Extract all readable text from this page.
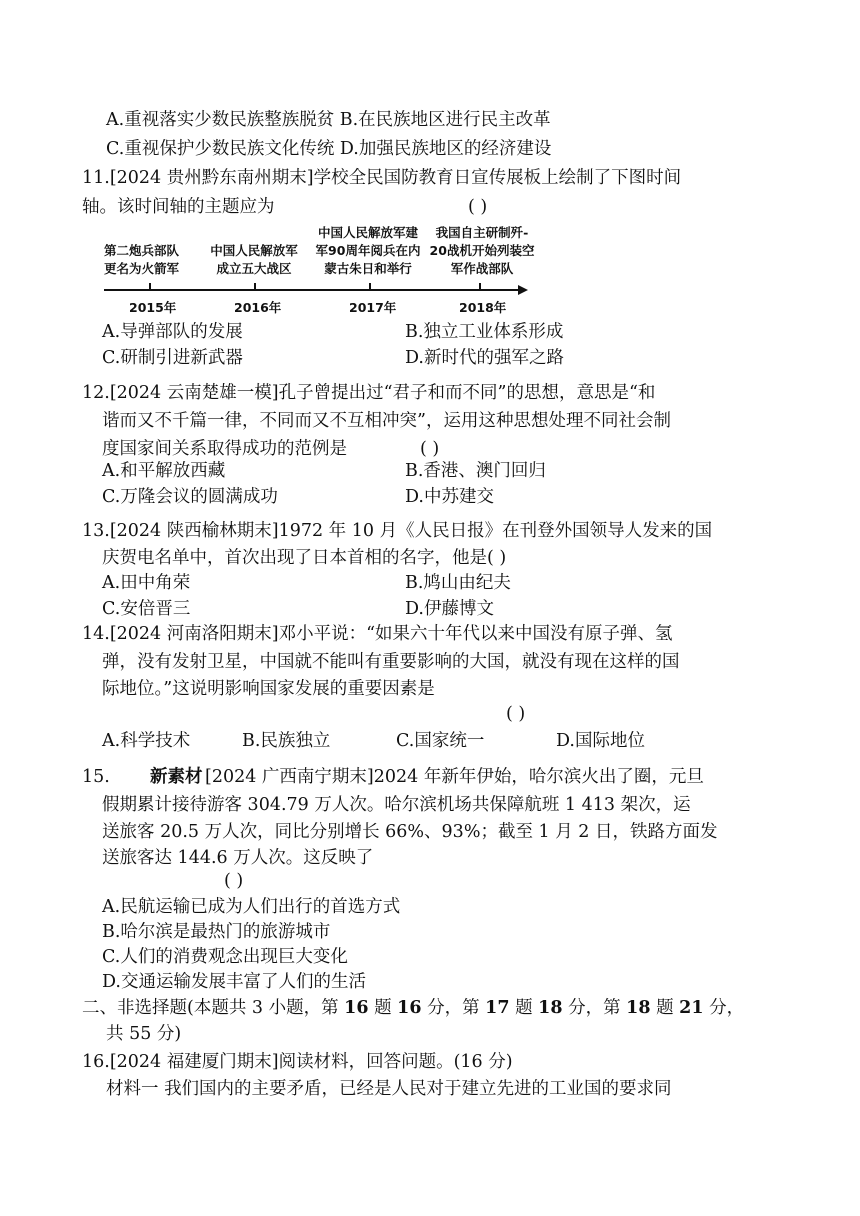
A.重视落实少数民族整族脱贫 B.在民族地区进行民主改革
C.重视保护少数民族文化传统 D.加强民族地区的经济建设
11.[2024 贵州黔东南州期末]学校全民国防教育日宣传展板上绘制了下图时间
轴。该时间轴的主题应为	( )
第二炮兵部队
更名为火箭军
中国人民解放军
成立五大战区
中国人民解放军建
军90周年阅兵在内
蒙古朱日和举行
我国自主研制歼-
20战机开始列装空
军作战部队
2015年	2016年	2017年	2018年
A.导弹部队的发展	B.独立工业体系形成
C.研制引进新武器	D.新时代的强军之路
12.[2024 云南楚雄一模]孔子曾提出过“君子和而不同”的思想，意思是“和
谐而又不千篇一律，不同而又不互相冲突”，运用这种思想处理不同社会制
度国家间关系取得成功的范例是	( )
A.和平解放西藏	B.香港、澳门回归
C.万隆会议的圆满成功	D.中苏建交
13.[2024 陕西榆林期末]1972 年 10 月《人民日报》在刊登外国领导人发来的国
庆贺电名单中，首次出现了日本首相的名字，他是( )
A.田中角荣	B.鸠山由纪夫
C.安倍晋三	D.伊藤博文
14.[2024 河南洛阳期末]邓小平说：“如果六十年代以来中国没有原子弹、氢
弹，没有发射卫星，中国就不能叫有重要影响的大国，就没有现在这样的国
际地位。”这说明影响国家发展的重要因素是
( )
A.科学技术	B.民族独立	C.国家统一	D.国际地位
15. 新素材 [2024 广西南宁期末]2024 年新年伊始，哈尔滨火出了圈，元旦
假期累计接待游客 304.79 万人次。哈尔滨机场共保障航班 1 413 架次，运
送旅客 20.5 万人次，同比分别增长 66%、93%；截至 1 月 2 日，铁路方面发
送旅客达 144.6 万人次。这反映了
( )
A.民航运输已成为人们出行的首选方式
B.哈尔滨是最热门的旅游城市
C.人们的消费观念出现巨大变化
D.交通运输发展丰富了人们的生活
二、非选择题(本题共 3 小题，第 16 题 16 分，第 17 题 18 分，第 18 题 21 分，
共 55 分)
16.[2024 福建厦门期末]阅读材料，回答问题。(16 分)
材料一 我们国内的主要矛盾，已经是人民对于建立先进的工业国的要求同
